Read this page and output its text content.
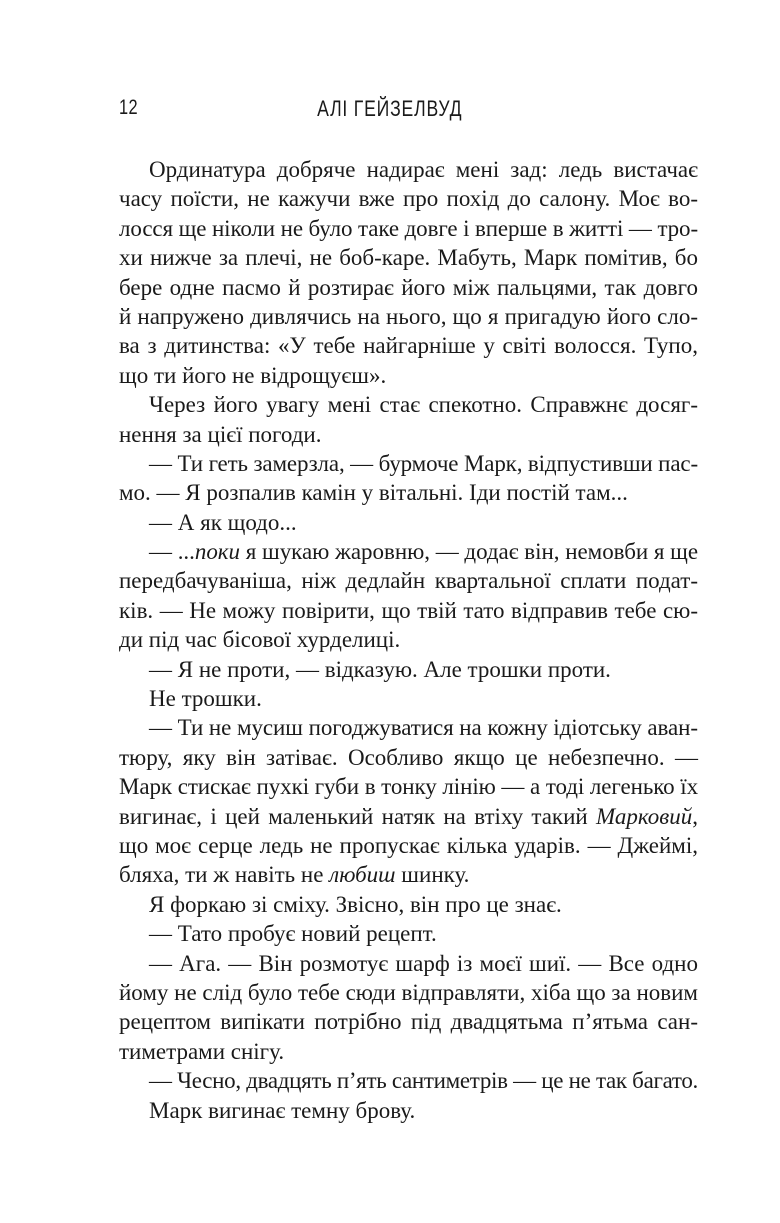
12	АЛІ ГЕЙЗЕЛВУД
Ординатура добряче надирає мені зад: ледь вистачає
часу поїсти, не кажучи вже про похід до салону. Моє во-
лосся ще ніколи не було таке довге і вперше в житті — тро-
хи нижче за плечі, не боб-каре. Мабуть, Марк помітив, бо
бере одне пасмо й розтирає його між пальцями, так довго
й напружено дивлячись на нього, що я пригадую його сло-
ва з дитинства: «У тебе найгарніше у світі волосся. Тупо,
що ти його не відрощуєш».
Через його увагу мені стає спекотно. Справжнє досяг-
нення за цієї погоди.
— Ти геть замерзла, — бурмоче Марк, відпустивши пас-
мо. — Я розпалив камін у вітальні. Іди постій там...
— А як щодо...
— ...поки я шукаю жаровню, — додає він, немовби я ще
передбачуваніша, ніж дедлайн квартальної сплати подат-
ків. — Не можу повірити, що твій тато відправив тебе сю-
ди під час бісової хурделиці.
— Я не проти, — відказую. Але трошки проти.
Не трошки.
— Ти не мусиш погоджуватися на кожну ідіотську аван-
тюру, яку він затіває. Особливо якщо це небезпечно. —
Марк стискає пухкі губи в тонку лінію — а тоді легенько їх
вигинає, і цей маленький натяк на втіху такий Марковий,
що моє серце ледь не пропускає кілька ударів. — Джеймі,
бляха, ти ж навіть не любиш шинку.
Я форкаю зі сміху. Звісно, він про це знає.
— Тато пробує новий рецепт.
— Ага. — Він розмотує шарф із моєї шиї. — Все одно
йому не слід було тебе сюди відправляти, хіба що за новим
рецептом випікати потрібно під двадцятьма п’ятьма сан-
тиметрами снігу.
— Чесно, двадцять п’ять сантиметрів — це не так багато.
Марк вигинає темну брову.
